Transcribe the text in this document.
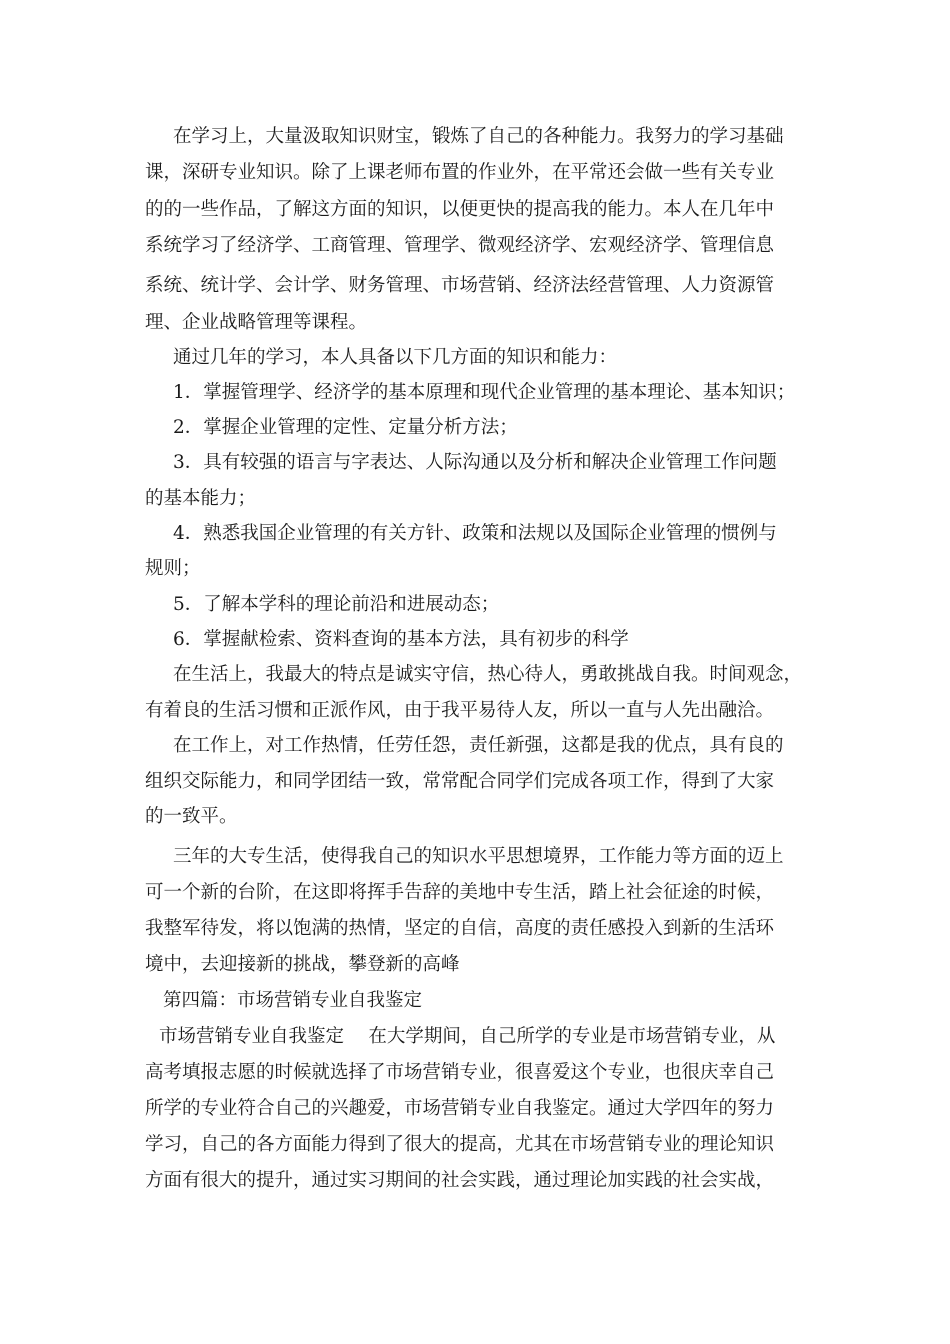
在学习上，大量汲取知识财宝，锻炼了自己的各种能力。我努力的学习基础
课，深研专业知识。除了上课老师布置的作业外，在平常还会做一些有关专业
的的一些作品，了解这方面的知识，以便更快的提高我的能力。本人在几年中
系统学习了经济学、工商管理、管理学、微观经济学、宏观经济学、管理信息
系统、统计学、会计学、财务管理、市场营销、经济法经营管理、人力资源管
理、企业战略管理等课程。
通过几年的学习，本人具备以下几方面的知识和能力：
1．掌握管理学、经济学的基本原理和现代企业管理的基本理论、基本知识；
2．掌握企业管理的定性、定量分析方法；
3．具有较强的语言与字表达、人际沟通以及分析和解决企业管理工作问题
的基本能力；
4．熟悉我国企业管理的有关方针、政策和法规以及国际企业管理的惯例与
规则；
5．了解本学科的理论前沿和进展动态；
6．掌握献检索、资料查询的基本方法，具有初步的科学
在生活上，我最大的特点是诚实守信，热心待人，勇敢挑战自我。时间观念，
有着良的生活习惯和正派作风，由于我平易待人友，所以一直与人先出融洽。
在工作上，对工作热情，任劳任怨，责任新强，这都是我的优点，具有良的
组织交际能力，和同学团结一致，常常配合同学们完成各项工作，得到了大家
的一致平。
三年的大专生活，使得我自己的知识水平思想境界，工作能力等方面的迈上
可一个新的台阶，在这即将挥手告辞的美地中专生活，踏上社会征途的时候，
我整军待发，将以饱满的热情，坚定的自信，高度的责任感投入到新的生活环
境中，去迎接新的挑战，攀登新的高峰
第四篇：市场营销专业自我鉴定
市场营销专业自我鉴定　 在大学期间，自己所学的专业是市场营销专业，从
高考填报志愿的时候就选择了市场营销专业，很喜爱这个专业，也很庆幸自己
所学的专业符合自己的兴趣爱，市场营销专业自我鉴定。通过大学四年的努力
学习，自己的各方面能力得到了很大的提高，尤其在市场营销专业的理论知识
方面有很大的提升，通过实习期间的社会实践，通过理论加实践的社会实战，
